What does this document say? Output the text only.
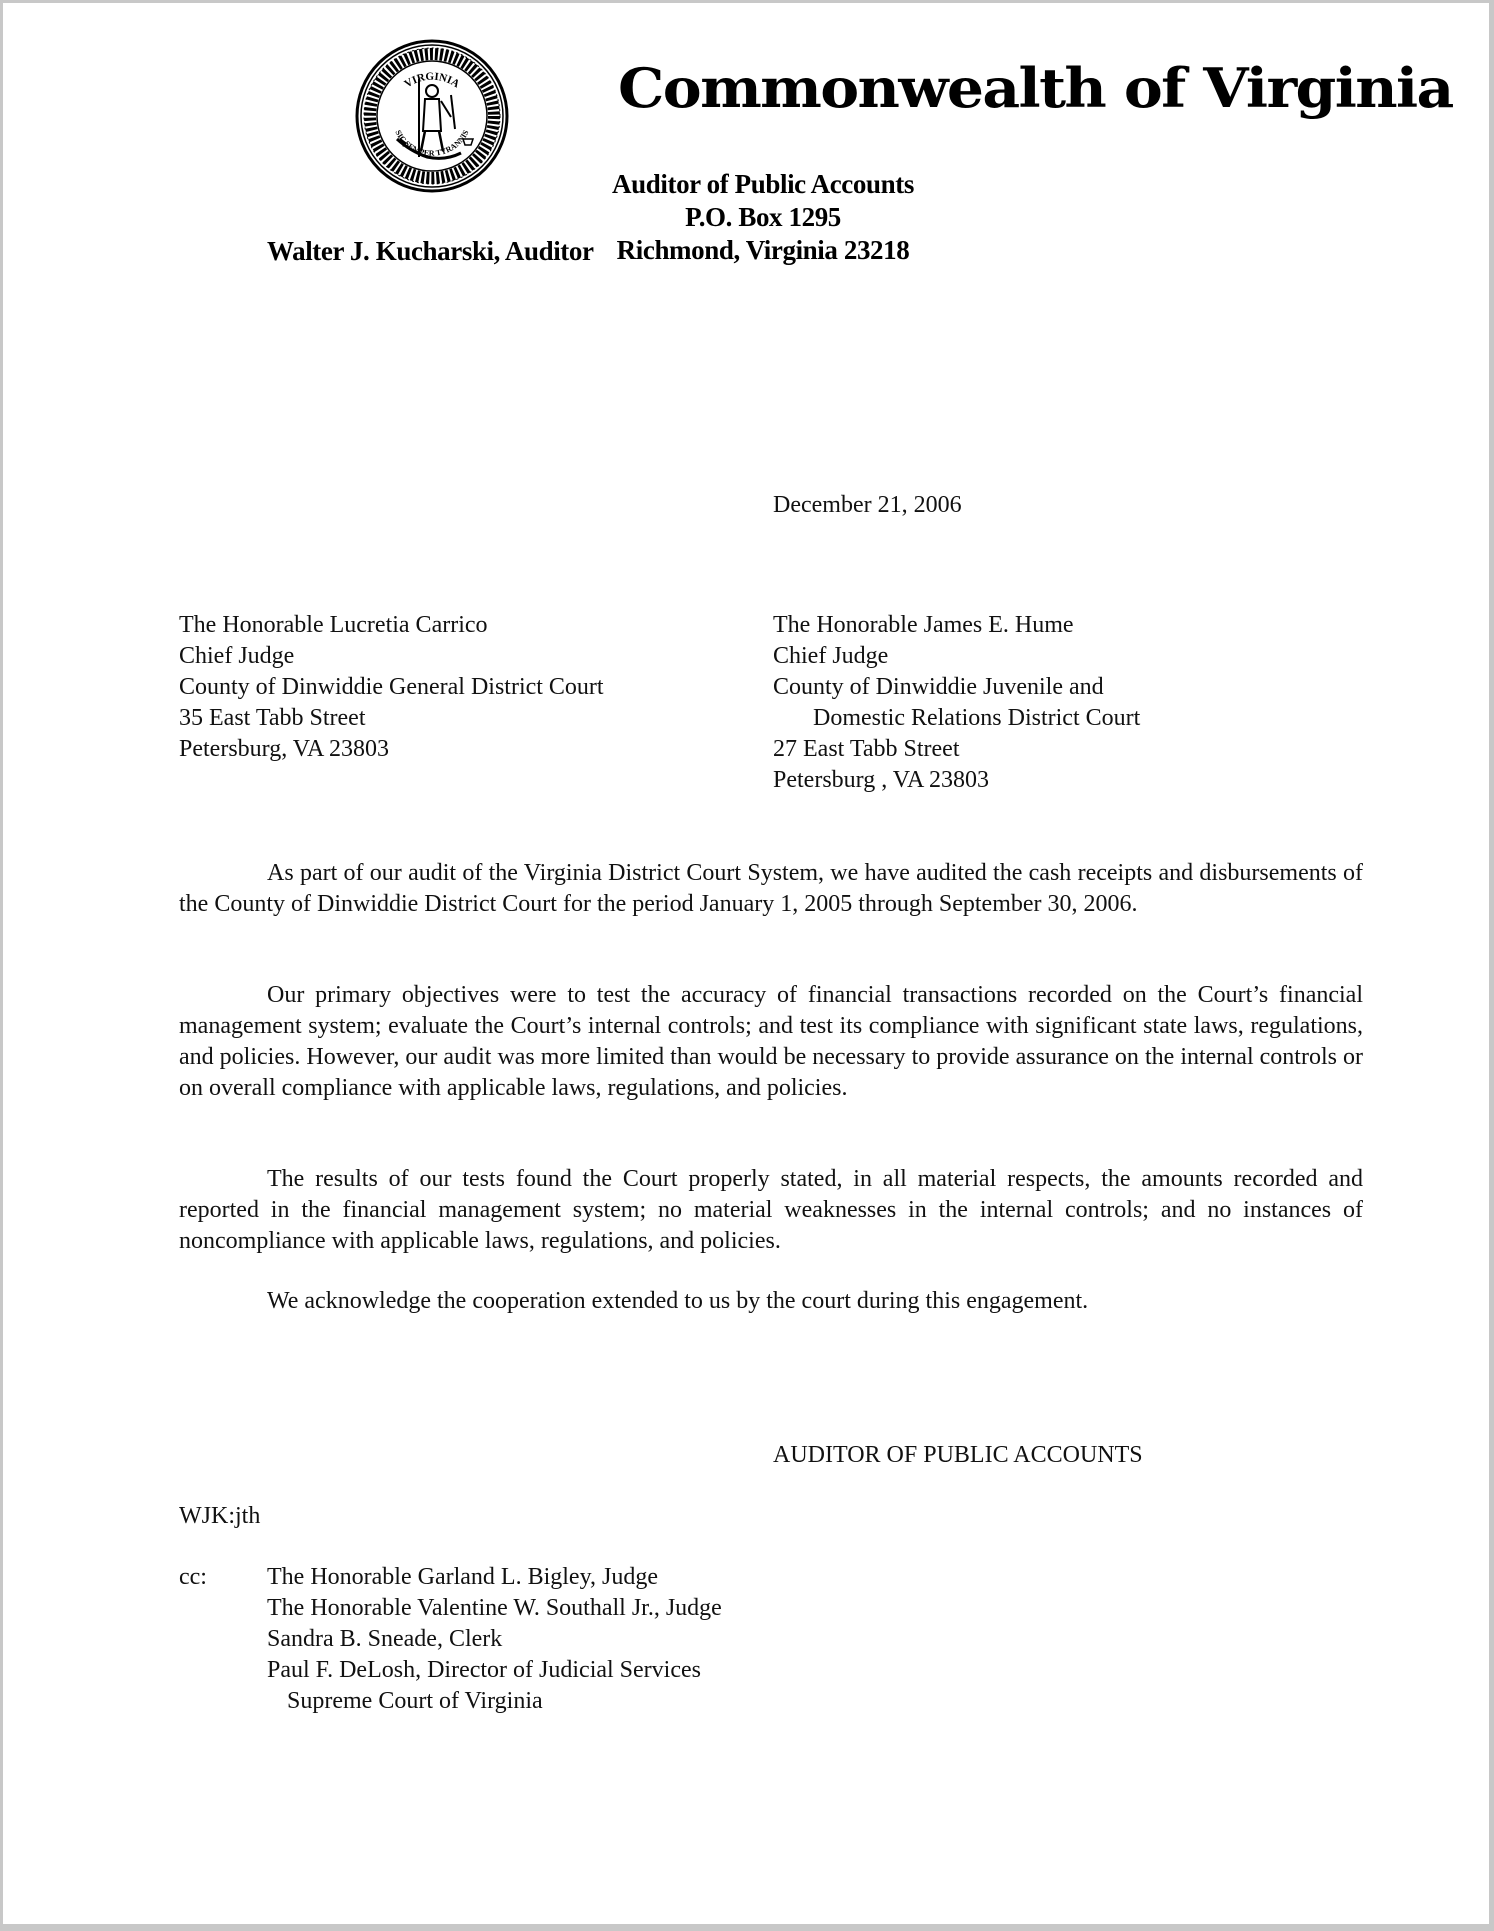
VIRGINIA
SIC SEMPER TYRANNIS
Commonwealth of Virginia
Auditor of Public Accounts
P.O. Box 1295
Richmond, Virginia 23218
Walter J. Kucharski, Auditor
December 21, 2006
The Honorable Lucretia Carrico
Chief Judge
County of Dinwiddie General District Court
35 East Tabb Street
Petersburg, VA 23803
The Honorable James E. Hume
Chief Judge
County of Dinwiddie Juvenile and
Domestic Relations District Court
27 East Tabb Street
Petersburg , VA 23803

As part of our audit of the Virginia District Court System, we have audited the cash receipts and disbursements of the County of Dinwiddie District Court for the period January 1, 2005 through September 30, 2006.

Our primary objectives were to test the accuracy of financial transactions recorded on the Court’s financial management system; evaluate the Court’s internal controls; and test its compliance with significant state laws, regulations, and policies. However, our audit was more limited than would be necessary to provide assurance on the internal controls or on overall compliance with applicable laws, regulations, and policies.

The results of our tests found the Court properly stated, in all material respects, the amounts recorded and reported in the financial management system; no material weaknesses in the internal controls; and no instances of noncompliance with applicable laws, regulations, and policies.

We acknowledge the cooperation extended to us by the court during this engagement.

AUDITOR OF PUBLIC ACCOUNTS
WJK:jth
cc:	The Honorable Garland L. Bigley, Judge
The Honorable Valentine W. Southall Jr., Judge
Sandra B. Sneade, Clerk
Paul F. DeLosh, Director of Judicial Services
Supreme Court of Virginia
